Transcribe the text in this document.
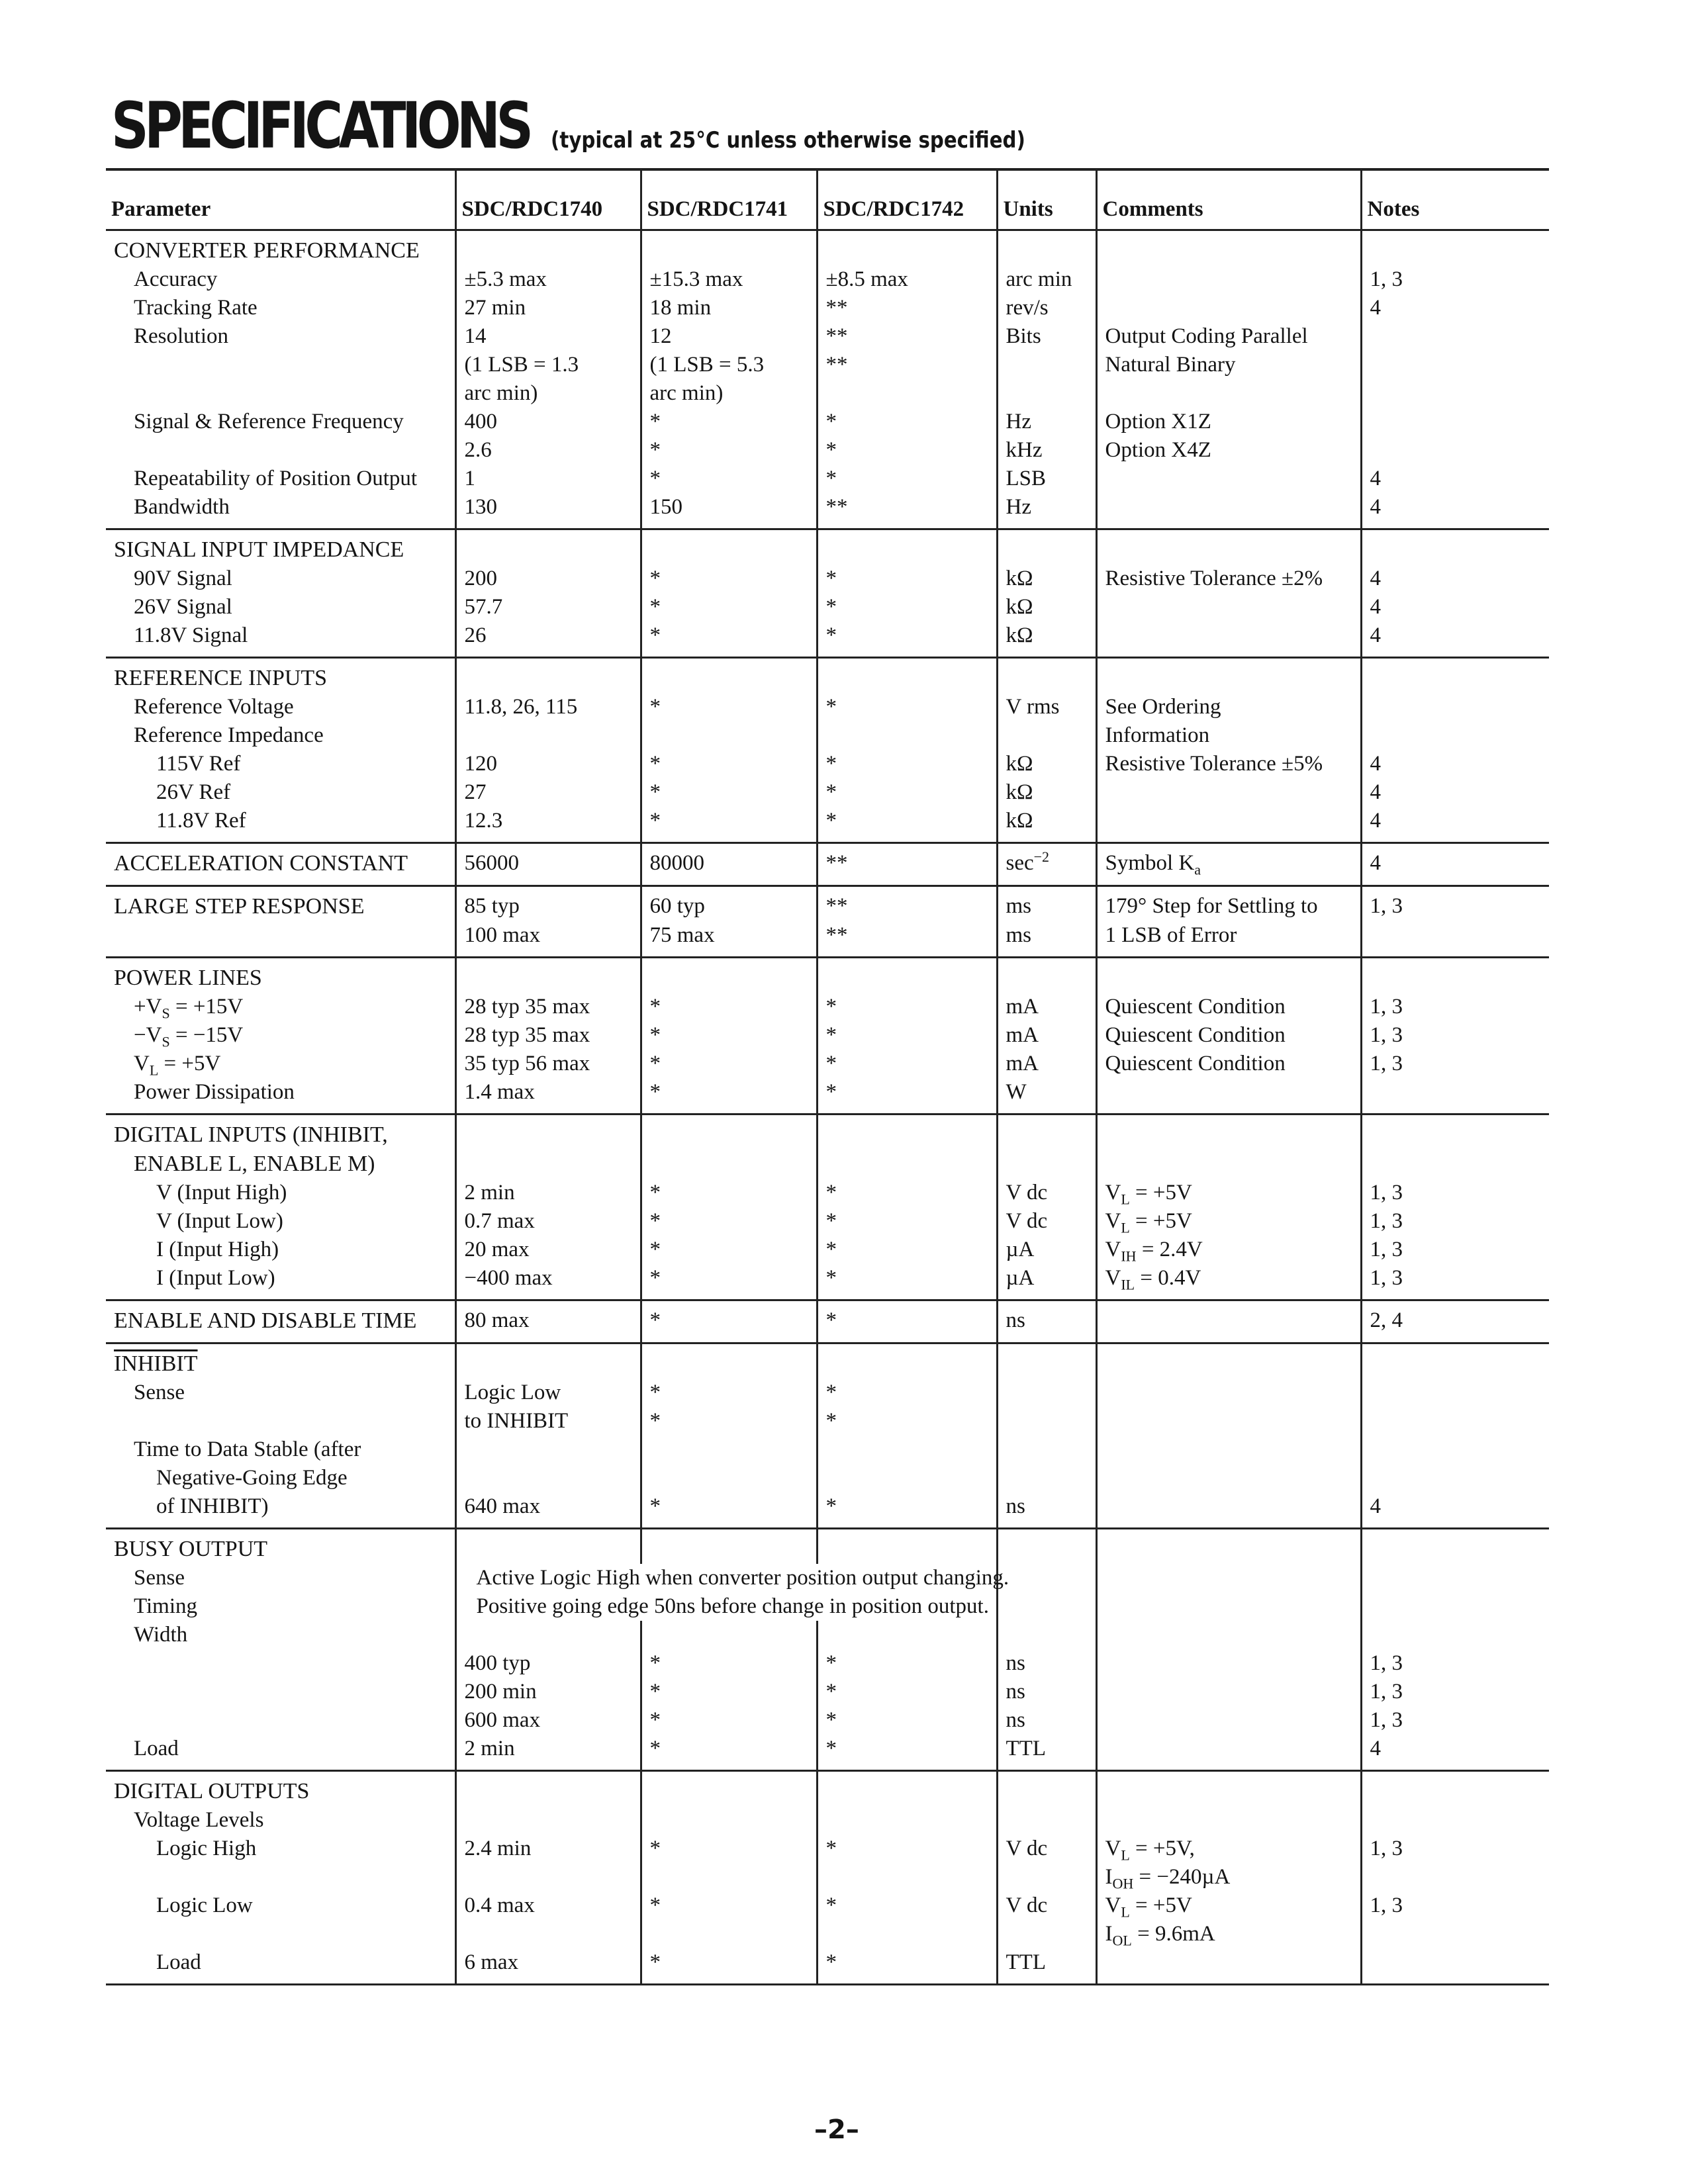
SPECIFICATIONS (typical at 25°C unless otherwise specified)
Parameter	SDC/RDC1740	SDC/RDC1741	SDC/RDC1742	Units	Comments	Notes
CONVERTER PERFORMANCE						
Accuracy	±5.3 max	±15.3 max	±8.5 max	arc min		1, 3
Tracking Rate	27 min	18 min	**	rev/s		4
Resolution	14	12	**	Bits	Output Coding Parallel	
	(1 LSB = 1.3	(1 LSB = 5.3	**		Natural Binary	
	arc min)	arc min)				
Signal & Reference Frequency	400	*	*	Hz	Option X1Z	
	2.6	*	*	kHz	Option X4Z	
Repeatability of Position Output	1	*	*	LSB		4
Bandwidth	130	150	**	Hz		4
SIGNAL INPUT IMPEDANCE						
90V Signal	200	*	*	kΩ	Resistive Tolerance ±2%	4
26V Signal	57.7	*	*	kΩ		4
11.8V Signal	26	*	*	kΩ		4
REFERENCE INPUTS						
Reference Voltage	11.8, 26, 115	*	*	V rms	See Ordering	
Reference Impedance					Information	
115V Ref	120	*	*	kΩ	Resistive Tolerance ±5%	4
26V Ref	27	*	*	kΩ		4
11.8V Ref	12.3	*	*	kΩ		4
ACCELERATION CONSTANT	56000	80000	**	$\sec^{-2}$	Symbol $K_a$	4
LARGE STEP RESPONSE	85 typ	60 typ	**	ms	179° Step for Settling to	1, 3
	100 max	75 max	**	ms	1 LSB of Error	
POWER LINES						
$+V_S = +15V$	28 typ 35 max	*	*	mA	Quiescent Condition	1, 3
$-V_S = -15V$	28 typ 35 max	*	*	mA	Quiescent Condition	1, 3
$V_L = +5V$	35 typ 56 max	*	*	mA	Quiescent Condition	1, 3
Power Dissipation	1.4 max	*	*	W		
DIGITAL INPUTS (INHIBIT,
ENABLE L, ENABLE M)						
V (Input High)	2 min	*	*	V dc	$V_L = +5V$	1, 3
V (Input Low)	0.7 max	*	*	V dc	$V_L = +5V$	1, 3
I (Input High)	20 max	*	*	µA	$V_{IH} = 2.4V$	1, 3
I (Input Low)	−400 max	*	*	µA	$V_{IL} = 0.4V$	1, 3
ENABLE AND DISABLE TIME	80 max	*	*	ns		2, 4
INHIBIT						
Sense	Logic Low	*	*			
	to INHIBIT	*	*			
Time to Data Stable (after						
Negative-Going Edge						
of INHIBIT)	640 max	*	*	ns		4
BUSY OUTPUT						
Sense	Active Logic High when converter position output changing.					
Timing	Positive going edge 50ns before change in position output.					
Width						
	400 typ	*	*	ns		1, 3
	200 min	*	*	ns		1, 3
	600 max	*	*	ns		1, 3
Load	2 min	*	*	TTL		4
DIGITAL OUTPUTS						
Voltage Levels						
Logic High	2.4 min	*	*	V dc	$V_L = +5V$,	1, 3
					$I_{OH} = -240\mu A$	
Logic Low	0.4 max	*	*	V dc	$V_L = +5V$	1, 3
					$I_{OL} = 9.6mA$	
Load	6 max	*	*	TTL		
–2–
